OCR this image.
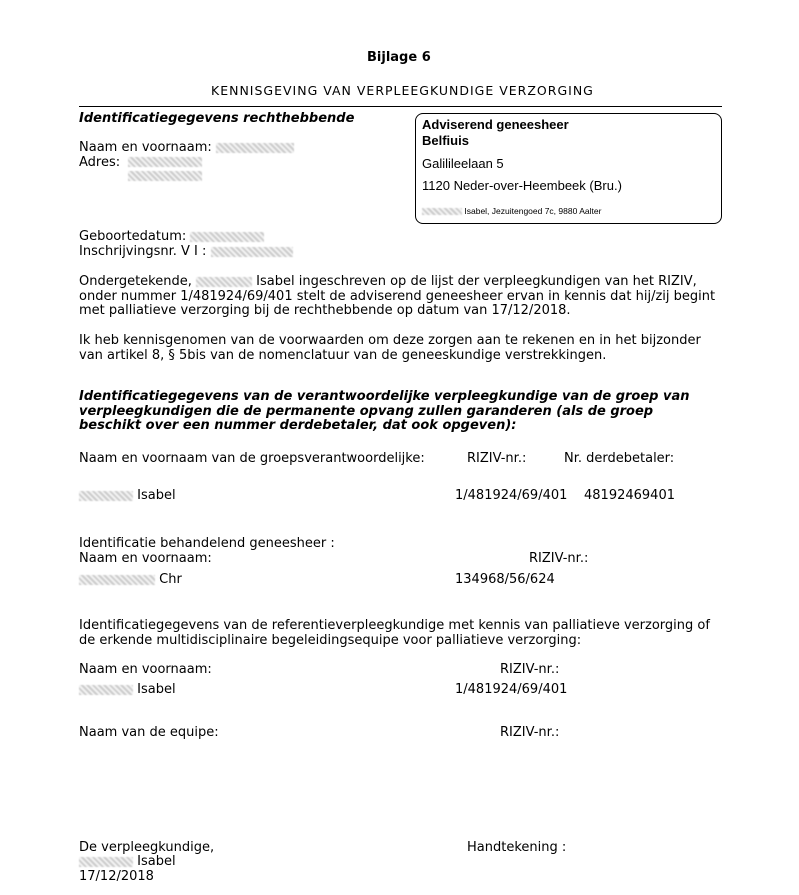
Bijlage 6
KENNISGEVING VAN VERPLEEGKUNDIGE VERZORGING
Identificatiegegevens rechthebbende
Naam en voornaam:
Adres:
Geboortedatum:
Inschrijvingsnr. V I :
Adviserend geneesheer
Belfiuis
Galilileelaan 5
1120 Neder-over-Heembeek (Bru.)
Isabel, Jezuitengoed 7c, 9880 Aalter
Ondergetekende,	Isabel ingeschreven op de lijst der verpleegkundigen van het RIZIV, onder nummer 1/481924/69/401 stelt de adviserend geneesheer ervan in kennis dat hij/zij begint met palliatieve verzorging bij de rechthebbende op datum van 17/12/2018.
Ik heb kennisgenomen van de voorwaarden om deze zorgen aan te rekenen en in het bijzonder van artikel 8, § 5bis van de nomenclatuur van de geneeskundige verstrekkingen.
Identificatiegegevens van de verantwoordelijke verpleegkundige van de groep van verpleegkundigen die de permanente opvang zullen garanderen (als de groep beschikt over een nummer derdebetaler, dat ook opgeven):
Naam en voornaam van de groepsverantwoordelijke:	RIZIV-nr.:	Nr. derdebetaler:
Isabel	1/481924/69/401 48192469401
Identificatie behandelend geneesheer :
Naam en voornaam:	RIZIV-nr.:
Chr	134968/56/624
Identificatiegegevens van de referentieverpleegkundige met kennis van palliatieve verzorging of de erkende multidisciplinaire begeleidingsequipe voor palliatieve verzorging:
Naam en voornaam:	RIZIV-nr.:
Isabel	1/481924/69/401
Naam van de equipe:	RIZIV-nr.:
De verpleegkundige,	Handtekening :
Isabel
17/12/2018
